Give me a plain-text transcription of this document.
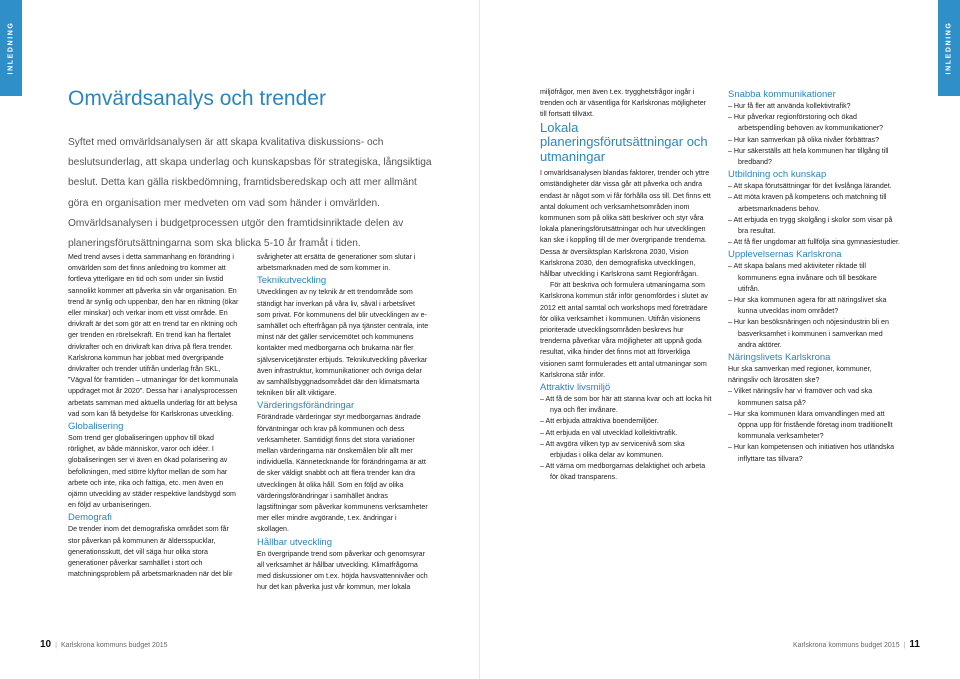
INLEDNING	INLEDNING
Omvärdsanalys och trender

Syftet med omvärldsanalysen är att skapa kvalitativa diskussions- och beslutsunderlag, att skapa underlag och kunskapsbas för strategiska, långsiktiga beslut. Detta kan gälla riskbedömning, framtidsberedskap och att mer allmänt göra en organisation mer medveten om vad som händer i omvärlden. Omvärldsanalysen i budgetprocessen utgör den framtidsinriktade delen av planeringsförutsättningarna som ska blicka 5-10 år framåt i tiden.

Med trend avses i detta sammanhang en förändring i omvärlden som det finns anledning tro kommer att fortleva ytterligare en tid och som under sin livstid sannolikt kommer att påverka sin vår organisation. En trend är synlig och uppenbar, den har en riktning (ökar eller minskar) och verkar inom ett visst område. En drivkraft är det som gör att en trend tar en riktning och ger trenden en rörelsekraft. En trend kan ha flertalet drivkrafter och en drivkraft kan driva på flera trender. Karlskrona kommun har jobbat med övergripande drivkrafter och trender utifrån underlag från SKL, ”Vägval för framtiden – utmaningar för det kommunala uppdraget mot år 2020”. Dessa har i analysprocessen arbetats samman med aktuella underlag för att belysa vad som kan få betydelse för Karlskronas utveckling.

Globalisering

Som trend ger globaliseringen upphov till ökad rörlighet, av både människor, varor och idéer. I globaliseringen ser vi även en ökad polarisering av befolkningen, med större klyftor mellan de som har arbete och inte, rika och fattiga, etc. men även en ojämn utveckling av städer respektive landsbygd som en följd av urbaniseringen.

Demografi

De trender inom det demografiska området som får stor påverkan på kommunen är äldersspucklar, generationsskutt, det vill säga hur olika stora generationer påverkar samhället i stort och matchningsproblem på arbetsmarknaden när det blir

svårigheter att ersätta de generationer som slutar i arbetsmarknaden med de som kommer in.

Teknikutveckling

Utvecklingen av ny teknik är ett trendområde som ständigt har inverkan på våra liv, såväl i arbetslivet som privat. För kommunens del blir utvecklingen av e-samhället och efterfrågan på nya tjänster centrala, inte minst när det gäller servicemötet och kommunens kontakter med medborgarna och brukarna när fler självservicetjänster erbjuds. Teknikutveckling påverkar även infrastruktur, kommunikationer och övriga delar av samhällsbyggnadsområdet där den klimatsmarta tekniken blir allt viktigare.

Värderingsförändringar

Förändrade värderingar styr medborgarnas ändrade förväntningar och krav på kommunen och dess verksamheter. Samtidigt finns det stora variationer mellan värderingarna när önskemålen blir allt mer individuella. Kännetecknande för förändringarna är att de sker väldigt snabbt och att flera trender kan dra utvecklingen åt olika håll. Som en följd av olika värderingsförändringar i samhället ändras lagstiftningar som påverkar kommunens verksamheter mer eller mindre avgörande, t.ex. ändringar i skollagen.

Hållbar utveckling

En övergripande trend som påverkar och genomsyrar all verksamhet är hållbar utveckling. Klimatfrågorna med diskussioner om t.ex. höjda havsvattennivåer och hur det kan påverka just vår kommun, mer lokala

miljöfrågor, men även t.ex. trygghetsfrågor ingår i trenden och är väsentliga för Karlskronas möjligheter till fortsatt tillväxt.

Lokala planeringsförutsättningar och utmaningar

I omvärldsanalysen blandas faktorer, trender och yttre omständigheter där vissa går att påverka och andra endast är något som vi får förhålla oss till. Det finns ett antal dokument och verksamhetsområden inom kommunen som på olika sätt beskriver och styr våra lokala planeringsförutsättningar och hur utvecklingen kan ske i koppling till de mer övergripande trenderna. Dessa är översiktsplan Karlskrona 2030, Vision Karlskrona 2030, den demografiska utvecklingen, hållbar utveckling i Karlskrona samt Regionfrågan.

För att beskriva och formulera utmaningarna som Karlskrona kommun står inför genomfördes i slutet av 2012 ett antal samtal och workshops med företrädare för olika verksamhet i kommunen. Utifrån visionens prioriterade utvecklingsområden beskrevs hur trenderna påverkar våra möjligheter att uppnå goda resultat, vilka hinder det finns mot att förverkliga visionen samt formulerades ett antal utmaningar som Karlskrona står inför.

Attraktiv livsmiljö
– Att få de som bor här att stanna kvar och att locka hit nya och fler invånare.
– Att erbjuda attraktiva boendemiljöer.
– Att erbjuda en väl utvecklad kollektivtrafik.
– Att avgöra vilken typ av servicenivå som ska erbjudas i olika delar av kommunen.
– Att värna om medborgarnas delaktighet och arbeta för ökad transparens.
Snabba kommunikationer
– Hur få fler att använda kollektivtrafik?
– Hur påverkar regionförstoring och ökad arbetspendling behoven av kommunikationer?
– Hur kan samverkan på olika nivåer förbättras?
– Hur säkerställs att hela kommunen har tillgång till bredband?
Utbildning och kunskap
– Att skapa förutsättningar för det livslånga lärandet.
– Att möta kraven på kompetens och matchning till arbetsmarknadens behov.
– Att erbjuda en trygg skolgång i skolor som visar på bra resultat.
– Att få fler ungdomar att fullfölja sina gymnasiestudier.
Upplevelsernas Karlskrona
– Att skapa balans med aktiviteter riktade till kommunens egna invånare och till besökare utifrån.
– Hur ska kommunen agera för att näringslivet ska kunna utvecklas inom området?
– Hur kan besöksnäringen och nöjesindustrin bli en basverksamhet i kommunen i samverkan med andra aktörer.
Näringslivets Karlskrona

Hur ska samverkan med regioner, kommuner, näringsliv och lärosäten ske?

– Vilket näringsliv har vi framöver och vad ska kommunen satsa på?
– Hur ska kommunen klara omvandlingen med att öppna upp för fristående företag inom traditionellt kommunala verksamheter?
– Hur kan kompetensen och initiativen hos utländska inflyttare tas tillvara?
10 | Karlskrona kommuns budget 2015	Karlskrona kommuns budget 2015 | 11
